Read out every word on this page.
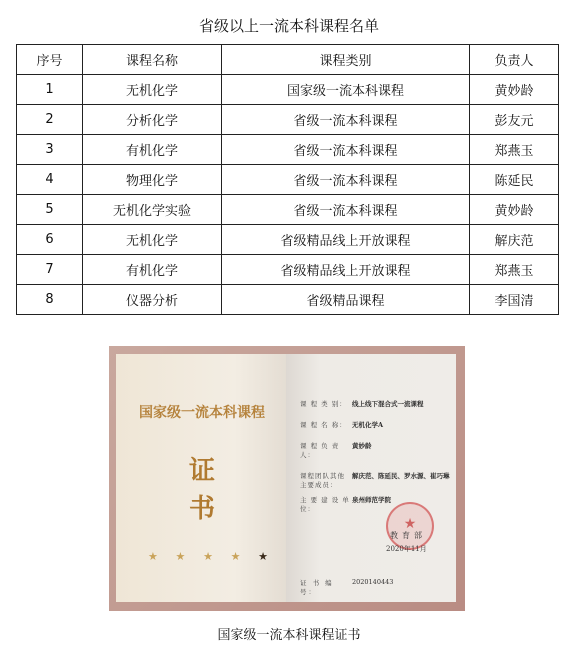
省级以上一流本科课程名单
序号	课程名称	课程类别	负责人
1	无机化学	国家级一流本科课程	黄妙龄
2	分析化学	省级一流本科课程	彭友元
3	有机化学	省级一流本科课程	郑燕玉
4	物理化学	省级一流本科课程	陈延民
5	无机化学实验	省级一流本科课程	黄妙龄
6	无机化学	省级精品线上开放课程	解庆范
7	有机化学	省级精品线上开放课程	郑燕玉
8	仪器分析	省级精品课程	李国清
国家级一流本科课程
证
书
★ ★ ★ ★ ★
课 程 类 别： 线上线下混合式一流课程
课 程 名 称： 无机化学A
课 程 负 责 人：
黄妙龄
课程团队其他主要成员：
解庆范、陈延民、罗水源、崔巧琳
主 要 建 设 单 位：
泉州师范学院
★
教育部
2020年11月
证 书 编 号：
2020140443
国家级一流本科课程证书
